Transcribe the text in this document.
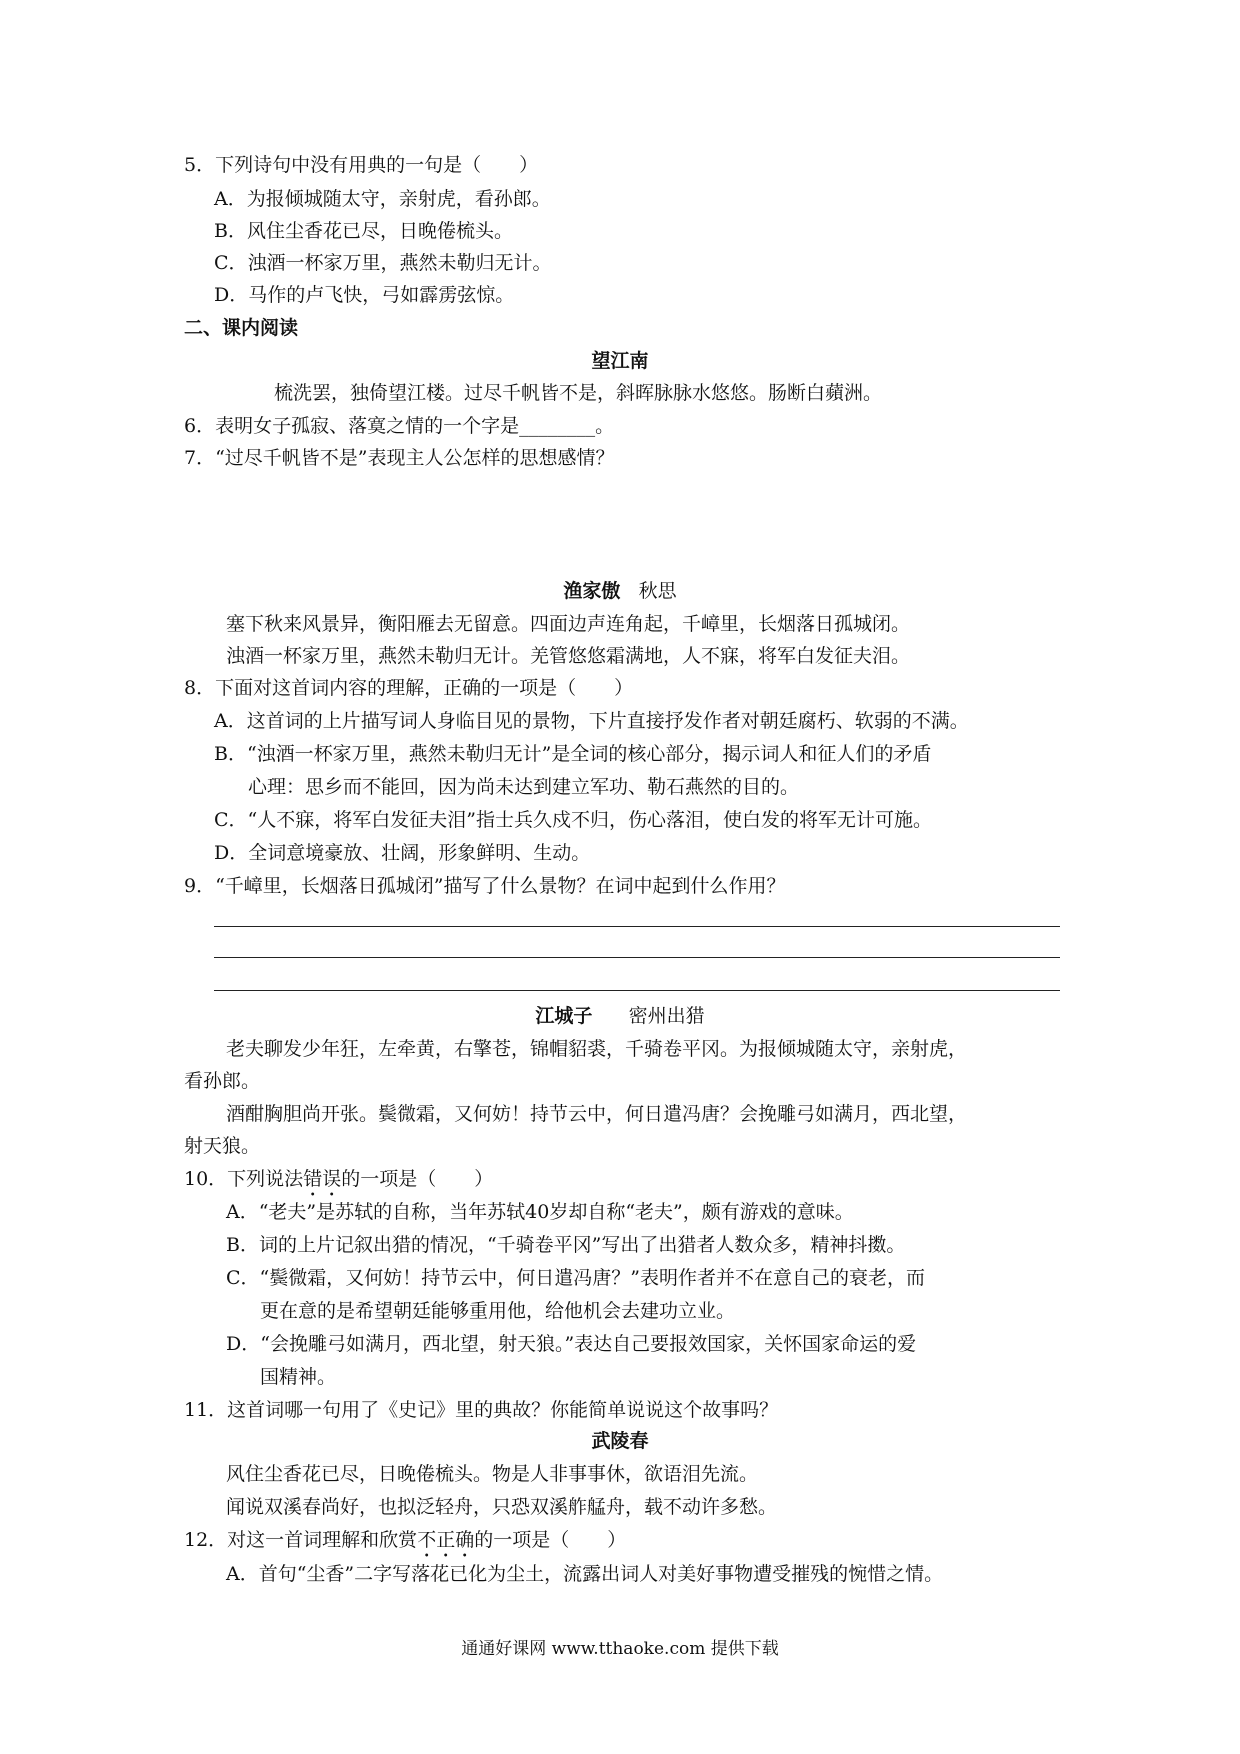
5．下列诗句中没有用典的一句是（　　）
A．为报倾城随太守，亲射虎，看孙郎。
B．风住尘香花已尽，日晚倦梳头。
C．浊酒一杯家万里，燕然未勒归无计。
D．马作的卢飞快，弓如霹雳弦惊。
二、课内阅读
望江南
梳洗罢，独倚望江楼。过尽千帆皆不是，斜晖脉脉水悠悠。肠断白蘋洲。
6．表明女子孤寂、落寞之情的一个字是________。
7．“过尽千帆皆不是”表现主人公怎样的思想感情？
渔家傲 秋思
塞下秋来风景异，衡阳雁去无留意。四面边声连角起，千嶂里，长烟落日孤城闭。
浊酒一杯家万里，燕然未勒归无计。羌管悠悠霜满地，人不寐，将军白发征夫泪。
8．下面对这首词内容的理解，正确的一项是（　　）
A．这首词的上片描写词人身临目见的景物，下片直接抒发作者对朝廷腐朽、软弱的不满。
B．“浊酒一杯家万里，燕然未勒归无计”是全词的核心部分，揭示词人和征人们的矛盾
心理：思乡而不能回，因为尚未达到建立军功、勒石燕然的目的。
C．“人不寐，将军白发征夫泪”指士兵久戍不归，伤心落泪，使白发的将军无计可施。
D．全词意境豪放、壮阔，形象鲜明、生动。
9．“千嶂里，长烟落日孤城闭”描写了什么景物？在词中起到什么作用？
江城子 密州出猎
老夫聊发少年狂，左牵黄，右擎苍，锦帽貂裘，千骑卷平冈。为报倾城随太守，亲射虎，
看孙郎。
酒酣胸胆尚开张。鬓微霜，又何妨！持节云中，何日遣冯唐？会挽雕弓如满月，西北望，
射天狼。
10．下列说法错误的一项是（　　）
A．“老夫”是苏轼的自称，当年苏轼40岁却自称“老夫”，颇有游戏的意味。
B．词的上片记叙出猎的情况，“千骑卷平冈”写出了出猎者人数众多，精神抖擞。
C．“鬓微霜，又何妨！持节云中，何日遣冯唐？”表明作者并不在意自己的衰老，而
更在意的是希望朝廷能够重用他，给他机会去建功立业。
D．“会挽雕弓如满月，西北望，射天狼。”表达自己要报效国家，关怀国家命运的爱
国精神。
11．这首词哪一句用了《史记》里的典故？你能简单说说这个故事吗？
武陵春
风住尘香花已尽，日晚倦梳头。物是人非事事休，欲语泪先流。
闻说双溪春尚好，也拟泛轻舟，只恐双溪舴艋舟，载不动许多愁。
12．对这一首词理解和欣赏不正确的一项是（　　）
A．首句“尘香”二字写落花已化为尘土，流露出词人对美好事物遭受摧残的惋惜之情。
通通好课网 www.tthaoke.com 提供下载
